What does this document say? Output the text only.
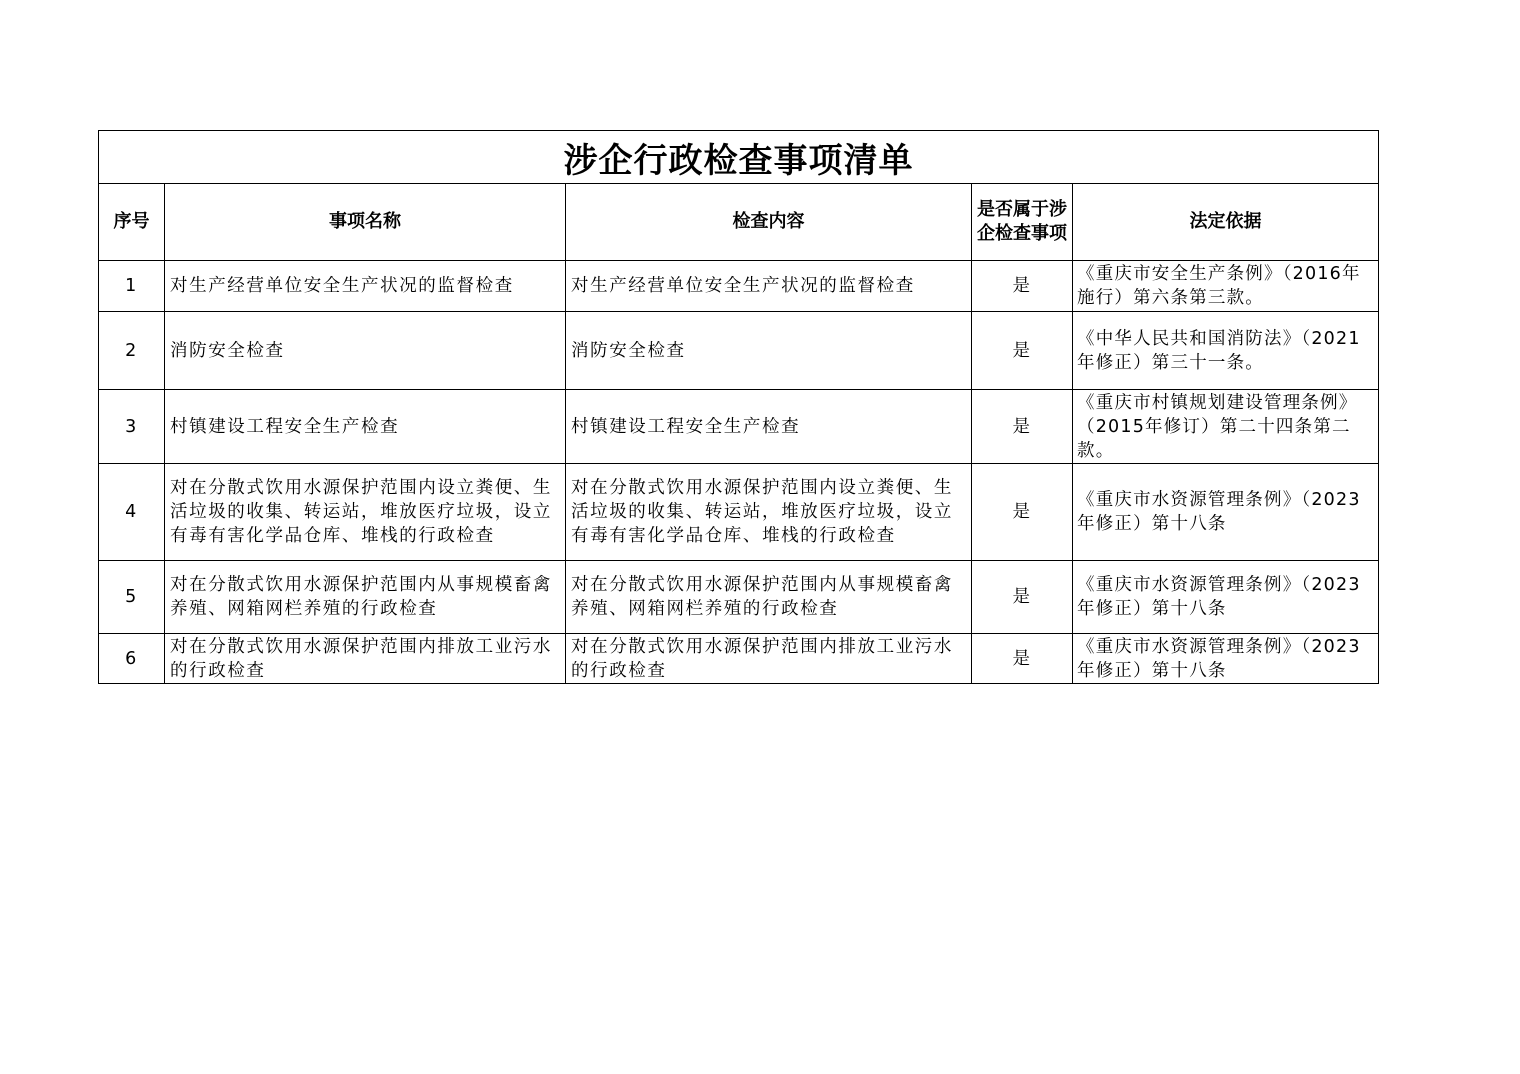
涉企行政检查事项清单				
序号	事项名称	检查内容	是否属于涉企检查事项	法定依据
1	对生产经营单位安全生产状况的监督检查	对生产经营单位安全生产状况的监督检查	是	《重庆市安全生产条例》（2016年施行）第六条第三款。
2	消防安全检查	消防安全检查	是	《中华人民共和国消防法》（2021年修正）第三十一条。
3	村镇建设工程安全生产检查	村镇建设工程安全生产检查	是	《重庆市村镇规划建设管理条例》（2015年修订）第二十四条第二款。
4	对在分散式饮用水源保护范围内设立粪便、生活垃圾的收集、转运站，堆放医疗垃圾，设立有毒有害化学品仓库、堆栈的行政检查	对在分散式饮用水源保护范围内设立粪便、生活垃圾的收集、转运站，堆放医疗垃圾，设立有毒有害化学品仓库、堆栈的行政检查	是	《重庆市水资源管理条例》（2023年修正）第十八条
5	对在分散式饮用水源保护范围内从事规模畜禽养殖、网箱网栏养殖的行政检查	对在分散式饮用水源保护范围内从事规模畜禽养殖、网箱网栏养殖的行政检查	是	《重庆市水资源管理条例》（2023年修正）第十八条
6	对在分散式饮用水源保护范围内排放工业污水的行政检查	对在分散式饮用水源保护范围内排放工业污水的行政检查	是	《重庆市水资源管理条例》（2023年修正）第十八条
